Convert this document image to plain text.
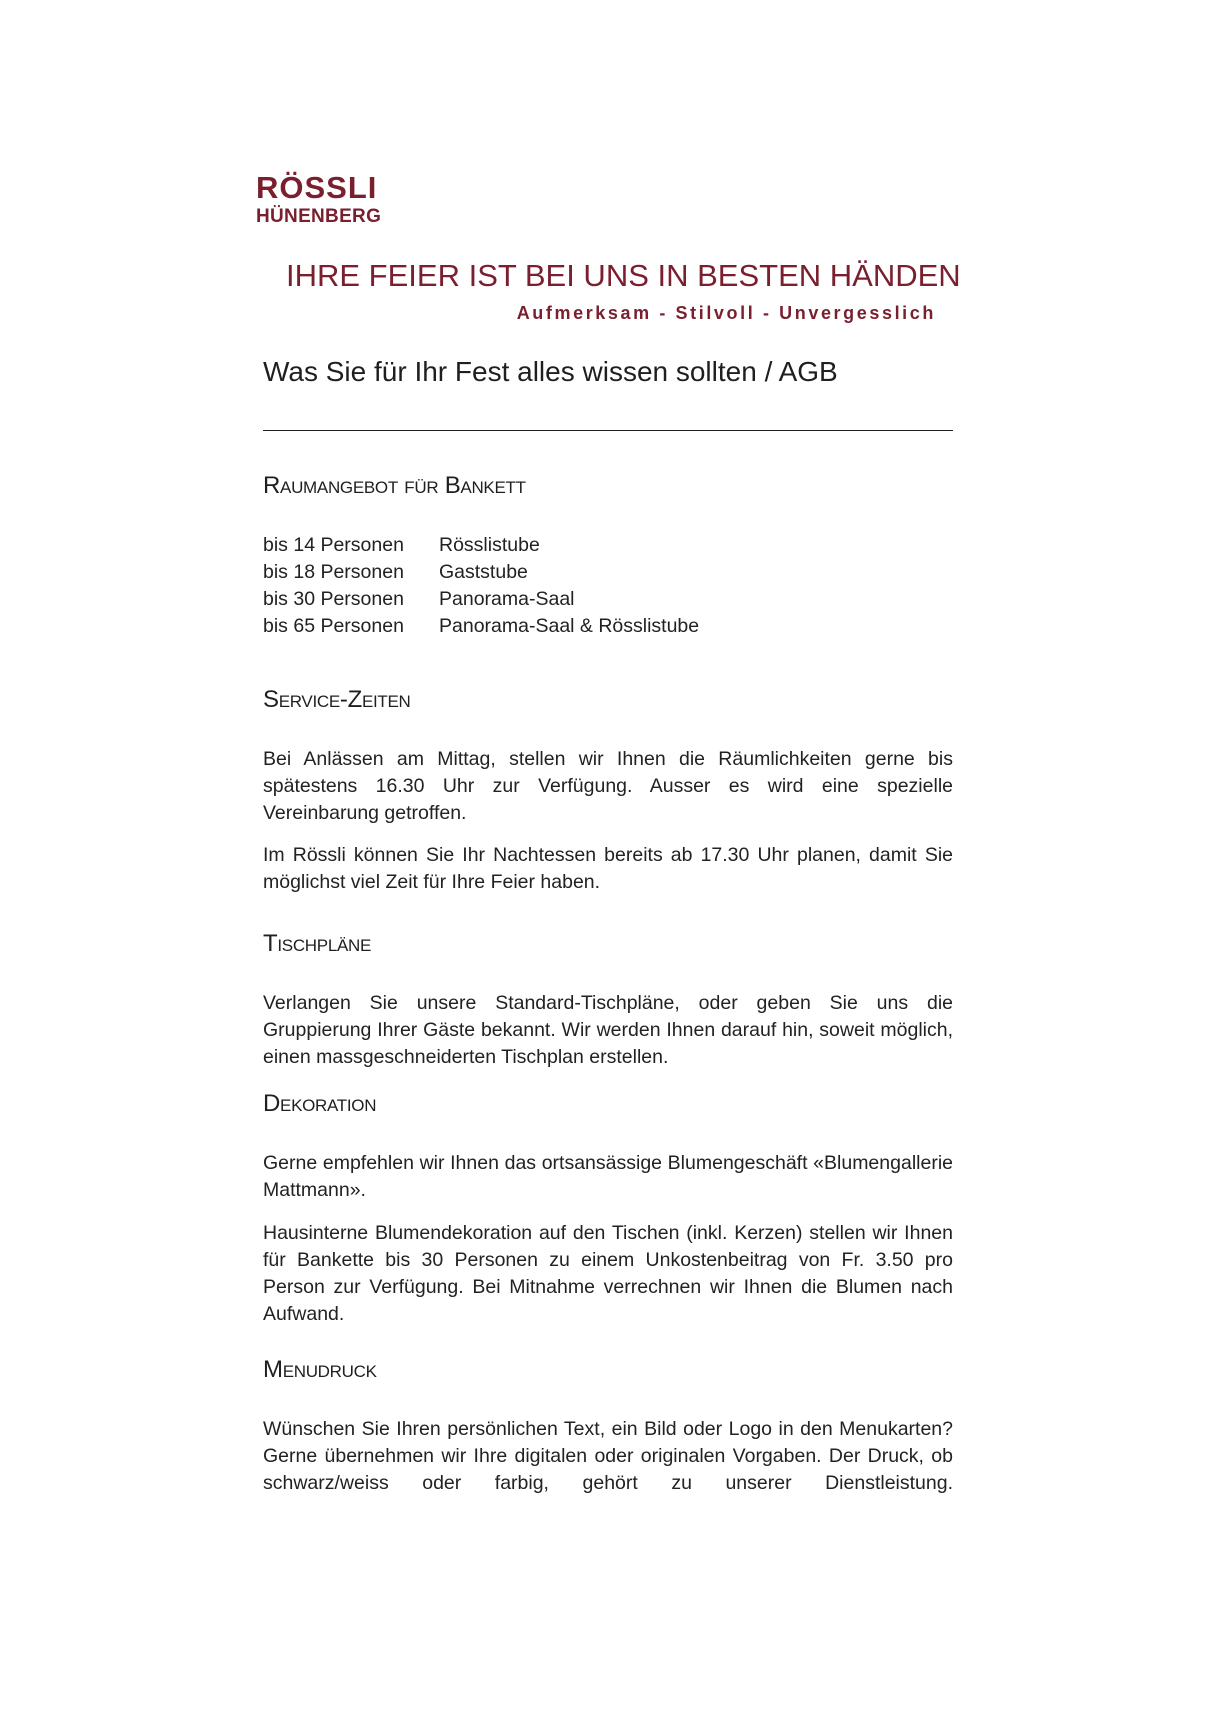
RÖSSLI
HÜNENBERG
IHRE FEIER IST BEI UNS IN BESTEN HÄNDEN
Aufmerksam - Stilvoll - Unvergesslich
Was Sie für Ihr Fest alles wissen sollten / AGB
Raumangebot für Bankett
bis 14 Personen	Rösslistube
bis 18 Personen	Gaststube
bis 30 Personen	Panorama-Saal
bis 65 Personen	Panorama-Saal & Rösslistube
Service-Zeiten

Bei Anlässen am Mittag, stellen wir Ihnen die Räumlichkeiten gerne bis spätestens 16.30 Uhr zur Verfügung. Ausser es wird eine spezielle Vereinbarung getroffen.

Im Rössli können Sie Ihr Nachtessen bereits ab 17.30 Uhr planen, damit Sie möglichst viel Zeit für Ihre Feier haben.

Tischpläne

Verlangen Sie unsere Standard-Tischpläne, oder geben Sie uns die Gruppierung Ihrer Gäste bekannt. Wir werden Ihnen darauf hin, soweit möglich, einen massgeschneiderten Tischplan erstellen.

Dekoration

Gerne empfehlen wir Ihnen das ortsansässige Blumengeschäft «Blumengallerie Mattmann».

Hausinterne Blumendekoration auf den Tischen (inkl. Kerzen) stellen wir Ihnen für Bankette bis 30 Personen zu einem Unkostenbeitrag von Fr. 3.50 pro Person zur Verfügung. Bei Mitnahme verrechnen wir Ihnen die Blumen nach Aufwand.

Menudruck

Wünschen Sie Ihren persönlichen Text, ein Bild oder Logo in den Menukarten? Gerne übernehmen wir Ihre digitalen oder originalen Vorgaben. Der Druck, ob schwarz/weiss oder farbig, gehört zu unserer Dienstleistung.
